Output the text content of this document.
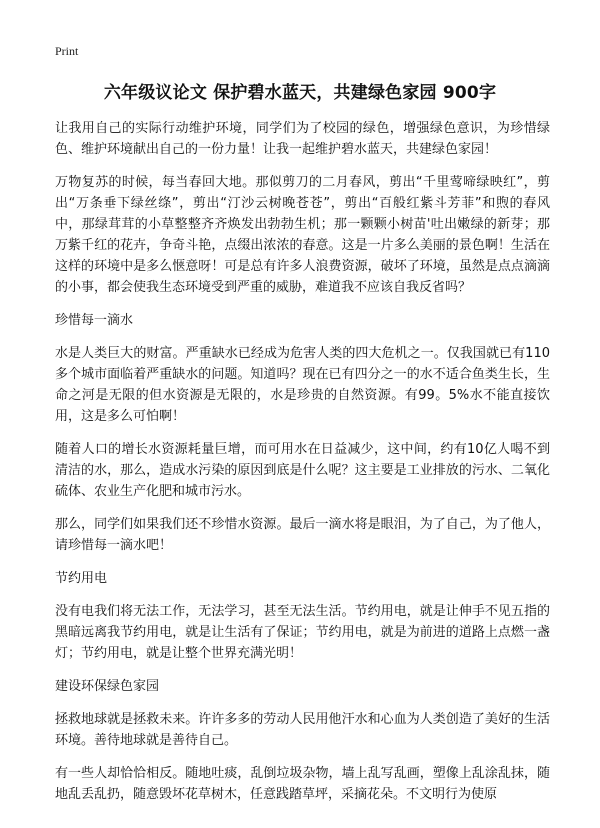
Print
六年级议论文 保护碧水蓝天，共建绿色家园 900字

让我用自己的实际行动维护环境，同学们为了校园的绿色，增强绿色意识，为珍惜绿色、维护环境献出自己的一份力量！让我一起维护碧水蓝天，共建绿色家园！

万物复苏的时候，每当春回大地。那似剪刀的二月春风，剪出“千里莺啼绿映红”，剪出“万条垂下绿丝绦”，剪出“汀沙云树晚苍苍”，剪出“百般红紫斗芳菲”和煦的春风中，那绿茸茸的小草整整齐齐焕发出勃勃生机；那一颗颗小树苗'吐出嫩绿的新芽；那万紫千红的花卉，争奇斗艳，点缀出浓浓的春意。这是一片多么美丽的景色啊！生活在这样的环境中是多么惬意呀！可是总有许多人浪费资源，破坏了环境，虽然是点点滴滴的小事，都会使我生态环境受到严重的威胁，难道我不应该自我反省吗？

珍惜每一滴水

水是人类巨大的财富。严重缺水已经成为危害人类的四大危机之一。仅我国就已有110多个城市面临着严重缺水的问题。知道吗？现在已有四分之一的水不适合鱼类生长，生命之河是无限的但水资源是无限的，水是珍贵的自然资源。有99。5%水不能直接饮用，这是多么可怕啊！

随着人口的增长水资源耗量巨增，而可用水在日益减少，这中间，约有10亿人喝不到清洁的水，那么，造成水污染的原因到底是什么呢？这主要是工业排放的污水、二氧化硫体、农业生产化肥和城市污水。

那么，同学们如果我们还不珍惜水资源。最后一滴水将是眼泪，为了自己，为了他人，请珍惜每一滴水吧！

节约用电

没有电我们将无法工作，无法学习，甚至无法生活。节约用电，就是让伸手不见五指的黑暗远离我节约用电，就是让生活有了保证；节约用电，就是为前进的道路上点燃一盏灯；节约用电，就是让整个世界充满光明！

建设环保绿色家园

拯救地球就是拯救未来。许许多多的劳动人民用他汗水和心血为人类创造了美好的生活环境。善待地球就是善待自己。

有一些人却恰恰相反。随地吐痰，乱倒垃圾杂物，墙上乱写乱画，塑像上乱涂乱抹，随地乱丢乱扔，随意毁坏花草树木，任意践踏草坪，采摘花朵。不文明行为使原
